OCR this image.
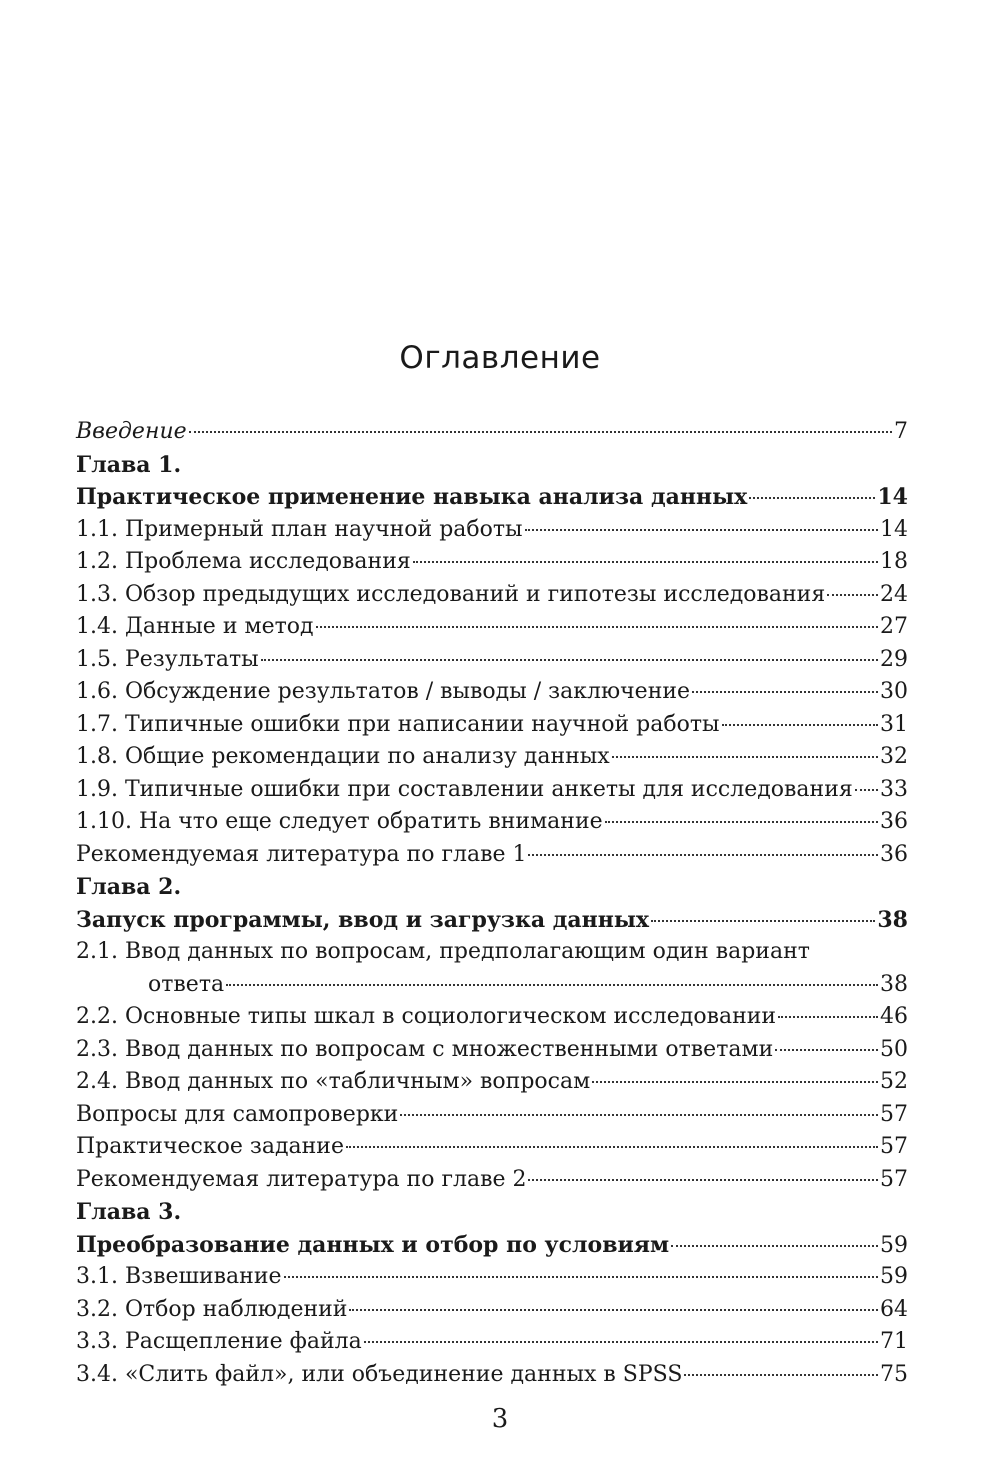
Оглавление
Введение	7
Глава 1.
Практическое применение навыка анализа данных	14
1.1. Примерный план научной работы	14
1.2. Проблема исследования	18
1.3. Обзор предыдущих исследований и гипотезы исследования 24
1.4. Данные и метод	27
1.5. Результаты	29
1.6. Обсуждение результатов / выводы / заключение	30
1.7. Типичные ошибки при написании научной работы	31
1.8. Общие рекомендации по анализу данных	32
1.9. Типичные ошибки при составлении анкеты для исследования 33
1.10. На что еще следует обратить внимание	36
Рекомендуемая литература по главе 1	36
Глава 2.
Запуск программы, ввод и загрузка данных	38
2.1. Ввод данных по вопросам, предполагающим один вариант
ответа	38
2.2. Основные типы шкал в социологическом исследовании	46
2.3. Ввод данных по вопросам с множественными ответами	50
2.4. Ввод данных по «табличным» вопросам	52
Вопросы для самопроверки	57
Практическое задание	57
Рекомендуемая литература по главе 2	57
Глава 3.
Преобразование данных и отбор по условиям	59
3.1. Взвешивание	59
3.2. Отбор наблюдений	64
3.3. Расщепление файла	71
3.4. «Слить файл», или объединение данных в SPSS	75
3
